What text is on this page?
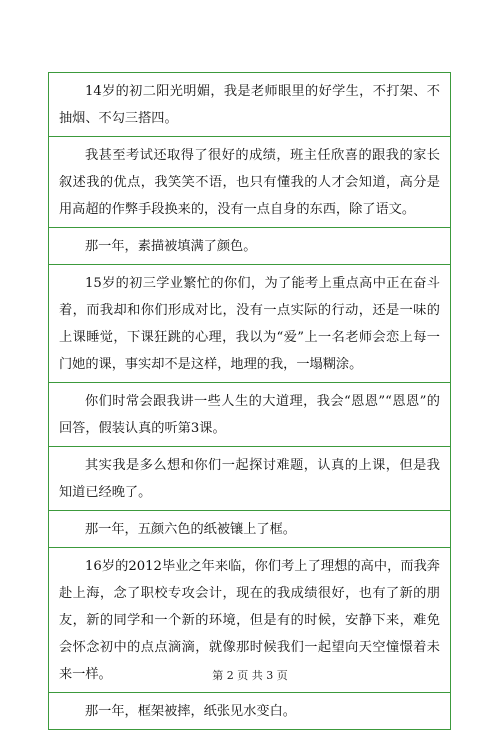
14岁的初二阳光明媚，我是老师眼里的好学生，不打架、不抽烟、不勾三搭四。
我甚至考试还取得了很好的成绩，班主任欣喜的跟我的家长叙述我的优点，我笑笑不语，也只有懂我的人才会知道，高分是用高超的作弊手段换来的，没有一点自身的东西，除了语文。
那一年，素描被填满了颜色。
15岁的初三学业繁忙的你们，为了能考上重点高中正在奋斗着，而我却和你们形成对比，没有一点实际的行动，还是一味的上课睡觉，下课狂跳的心理，我以为“爱”上一名老师会恋上每一门她的课，事实却不是这样，地理的我，一塌糊涂。
你们时常会跟我讲一些人生的大道理，我会“恩恩”“恩恩”的回答，假装认真的听第3课。
其实我是多么想和你们一起探讨难题，认真的上课，但是我知道已经晚了。
那一年，五颜六色的纸被镶上了框。
16岁的2012毕业之年来临，你们考上了理想的高中，而我奔赴上海，念了职校专攻会计，现在的我成绩很好，也有了新的朋友，新的同学和一个新的环境，但是有的时候，安静下来，难免会怀念初中的点点滴滴，就像那时候我们一起望向天空憧憬着未来一样。
那一年，框架被摔，纸张见水变白。
第 2 页 共 3 页
